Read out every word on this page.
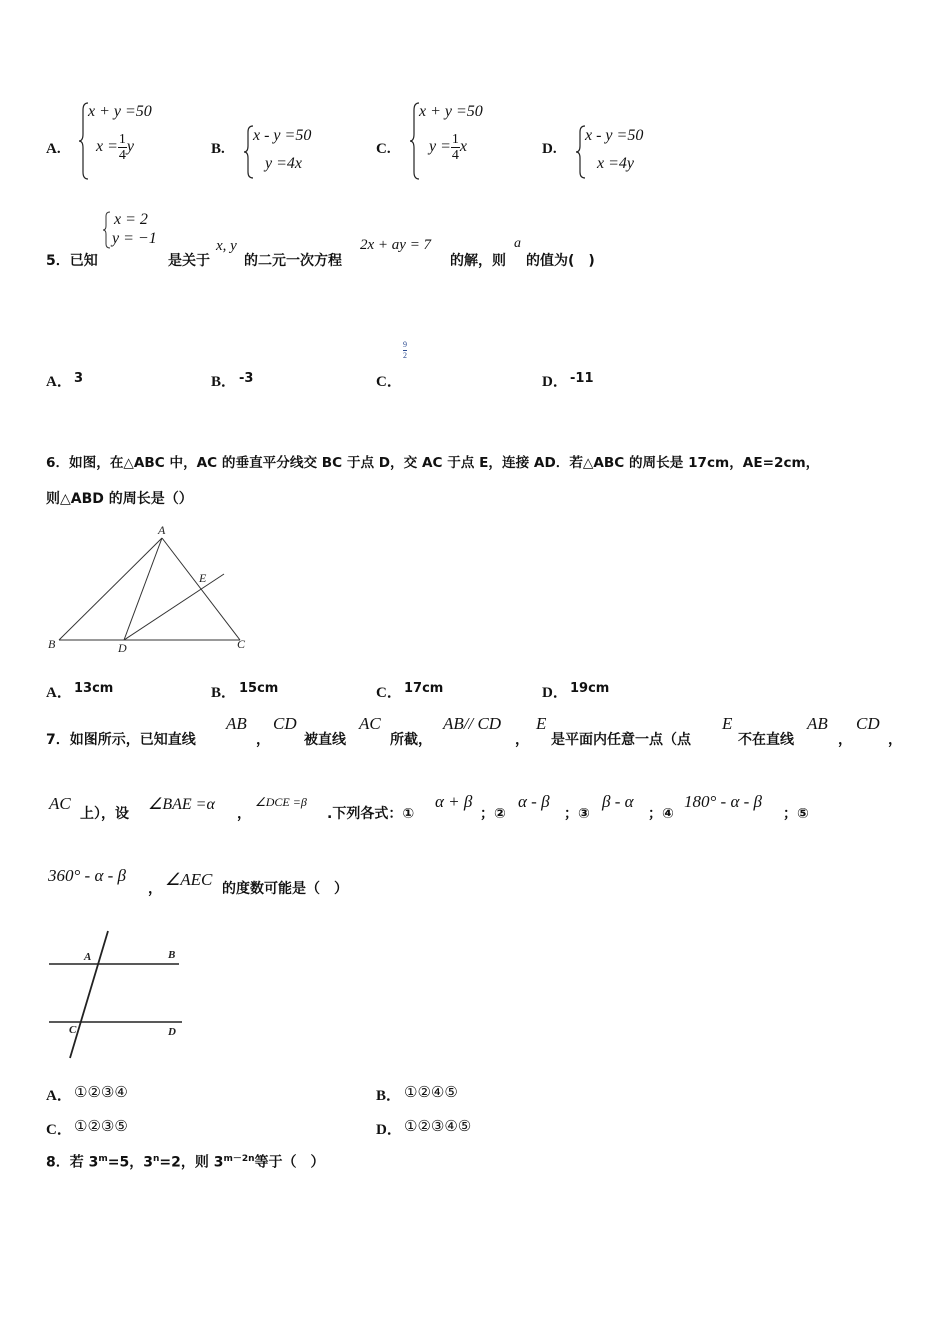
A.
x + y =50
$x = \frac{1}{4}$ y	B.
x - y =50
y =4x
C.
x + y =50
$y = \frac{1}{4}$ x	D.
x - y =50
x =4y
5．已知
x = 2
y = −1
是关于
x, y
的二元一次方程
2x + ay = 7
的解，则
a
的值为(　)
A． 3	B． -3	C．
9
2
D． -11
6．如图，在△ABC 中，AC 的垂直平分线交 BC 于点 D，交 AC 于点 E，连接 AD．若△ABC 的周长是 17cm，AE=2cm，
则△ABD 的周长是（）
A
B	C
D
E
A． 13cm	B． 15cm	C． 17cm	D． 19cm
7．如图所示，已知直线
AB
，
CD
被直线
AC
所截，
AB// CD
，
E
是平面内任意一点（点
E
不在直线
AB
，
CD
，
AC
上），设
∠BAE =α
，
∠DCE =β
.下列各式：①
α + β
；②
α - β
；③
β - α
；④
180° - α - β
；⑤
360° - α - β
， ∠AEC 的度数可能是（　）
A	B
C	D
A． ①②③④	B． ①②④⑤
C． ①②③⑤	D． ①②③④⑤
8．若 $3^m=5$，$3^n=2$，则 $3^{m-2n}$等于（　）
